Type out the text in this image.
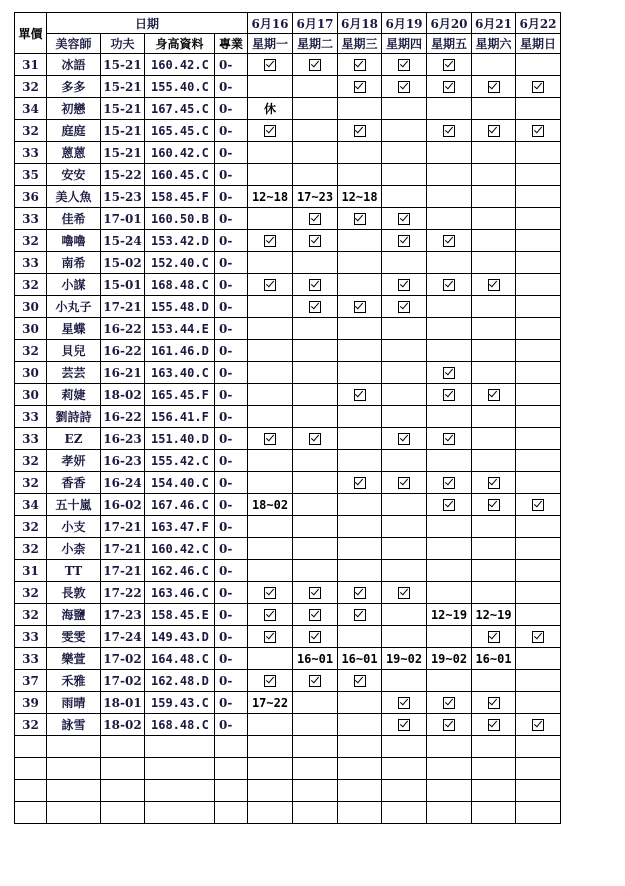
單價	日期				6月16	6月17	6月18	6月19	6月20	6月21	6月22
	美容師	功夫	身高資料	專業	星期一	星期二	星期三	星期四	星期五	星期六	星期日
31	冰語	15-21	160.42.C	0-							
32	多多	15-21	155.40.C	0-							
34	初戀	15-21	167.45.C	0-	休						
32	庭庭	15-21	165.45.C	0-							
33	蒽蒽	15-21	160.42.C	0-							
35	安安	15-22	160.45.C	0-							
36	美人魚	15-23	158.45.F	0-	12~18	17~23	12~18				
33	佳希	17-01	160.50.B	0-							
32	嚕嚕	15-24	153.42.D	0-							
33	南希	15-02	152.40.C	0-							
32	小謀	15-01	168.48.C	0-							
30	小丸子	17-21	155.48.D	0-							
30	星蝶	16-22	153.44.E	0-							
32	貝兒	16-22	161.46.D	0-							
30	芸芸	16-21	163.40.C	0-							
30	莉婕	18-02	165.45.F	0-							
33	劉詩詩	16-22	156.41.F	0-							
33	EZ	16-23	151.40.D	0-							
32	孝妍	16-23	155.42.C	0-							
32	香香	16-24	154.40.C	0-							
34	五十嵐	16-02	167.46.C	0-	18~02						
32	小支	17-21	163.47.F	0-							
32	小柰	17-21	160.42.C	0-							
31	TT	17-21	162.46.C	0-							
32	長敦	17-22	163.46.C	0-							
32	海鹽	17-23	158.45.E	0-					12~19	12~19	
33	雯雯	17-24	149.43.D	0-							
33	樂萱	17-02	164.48.C	0-		16~01	16~01	19~02	19~02	16~01	
37	禾雅	17-02	162.48.D	0-							
39	雨晴	18-01	159.43.C	0-	17~22						
32	詠雪	18-02	168.48.C	0-							
